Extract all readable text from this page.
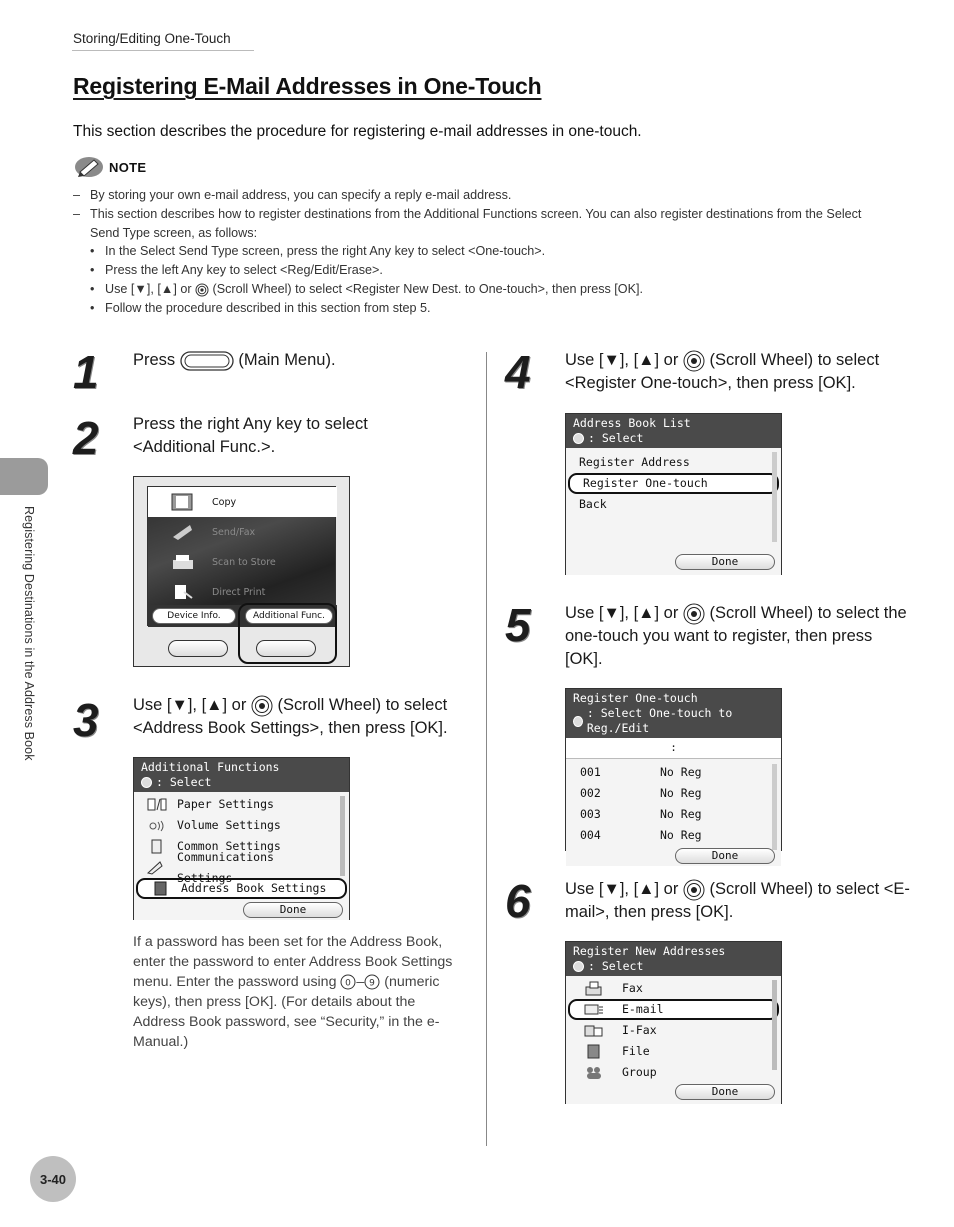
Storing/Editing One-Touch
Registering E-Mail Addresses in One-Touch

This section describes the procedure for registering e-mail addresses in one-touch.

NOTE
– By storing your own e-mail address, you can specify a reply e-mail address.
– This section describes how to register destinations from the Additional Functions screen. You can also register destinations from the Select Send Type screen, as follows:
• In the Select Send Type screen, press the right Any key to select <One-touch>.
• Press the left Any key to select <Reg/Edit/Erase>.
• Use [▼], [▲] or  (Scroll Wheel) to select <Register New Dest. to One-touch>, then press [OK].
• Follow the procedure described in this section from step 5.
Registering Destinations in the Address Book
1 Press	(Main Menu).
2 Press the right Any key to select <Additional Func.>.
Copy
Send/Fax
Scan to Store
Direct Print
Device Info.	Additional Func.
3 Use [▼], [▲] or  (Scroll Wheel) to select <Address Book Settings>, then press [OK].
Additional Functions
: Select
Paper Settings
Volume Settings
Common Settings
Communications Settings
Address Book Settings
Done
If a password has been set for the Address Book, enter the password to enter Address Book Settings menu. Enter the password using 0 – 9 (numeric keys), then press [OK]. (For details about the Address Book password, see “Security,” in the e-Manual.)
4 Use [▼], [▲] or  (Scroll Wheel) to select <Register One-touch>, then press [OK].
Address Book List
: Select
Register Address
Register One-touch
Back
Done
5 Use [▼], [▲] or  (Scroll Wheel) to select the one-touch you want to register, then press [OK].
Register One-touch
: Select One-touch to Reg./Edit
:
001	No Reg
002	No Reg
003	No Reg
004	No Reg
Done
6 Use [▼], [▲] or  (Scroll Wheel) to select <E-mail>, then press [OK].
Register New Addresses
: Select
Fax
E-mail
I-Fax
File
Group
Done
3-40
